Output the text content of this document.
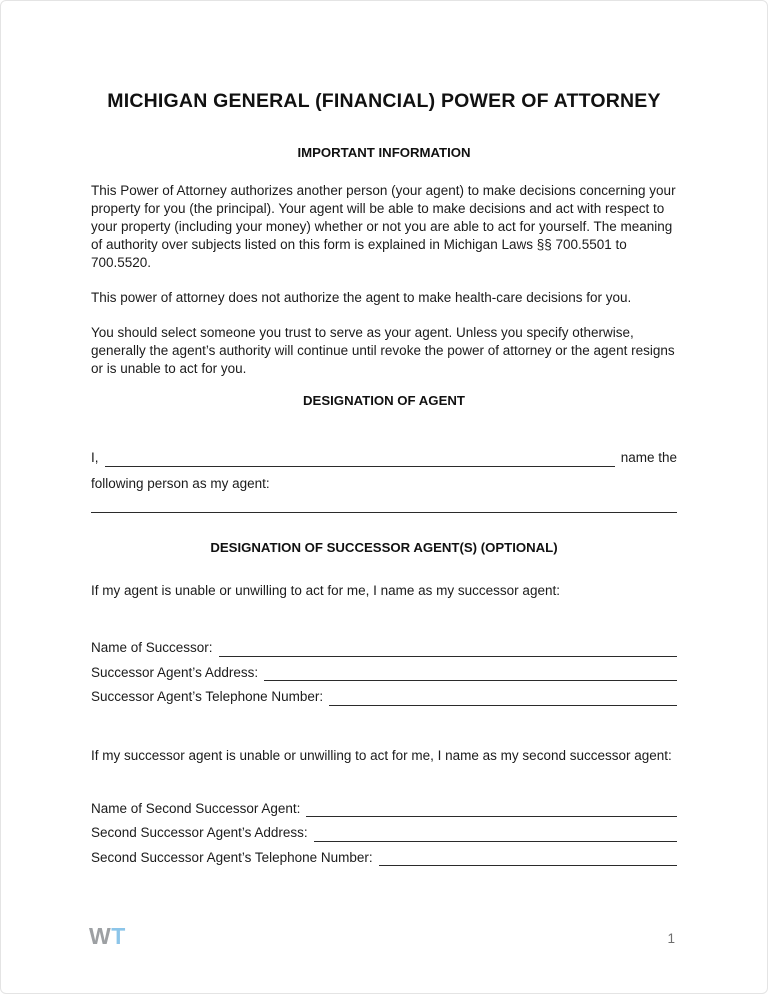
MICHIGAN GENERAL (FINANCIAL) POWER OF ATTORNEY
IMPORTANT INFORMATION

This Power of Attorney authorizes another person (your agent) to make decisions concerning your property for you (the principal). Your agent will be able to make decisions and act with respect to your property (including your money) whether or not you are able to act for yourself. The meaning of authority over subjects listed on this form is explained in Michigan Laws §§ 700.5501 to 700.5520.

This power of attorney does not authorize the agent to make health-care decisions for you.

You should select someone you trust to serve as your agent. Unless you specify otherwise, generally the agent’s authority will continue until revoke the power of attorney or the agent resigns or is unable to act for you.

DESIGNATION OF AGENT
I,	name the
following person as my agent:
DESIGNATION OF SUCCESSOR AGENT(S) (OPTIONAL)

If my agent is unable or unwilling to act for me, I name as my successor agent:

Name of Successor:
Successor Agent’s Address:
Successor Agent’s Telephone Number:

If my successor agent is unable or unwilling to act for me, I name as my second successor agent:

Name of Second Successor Agent:
Second Successor Agent’s Address:
Second Successor Agent’s Telephone Number:
WT	1
